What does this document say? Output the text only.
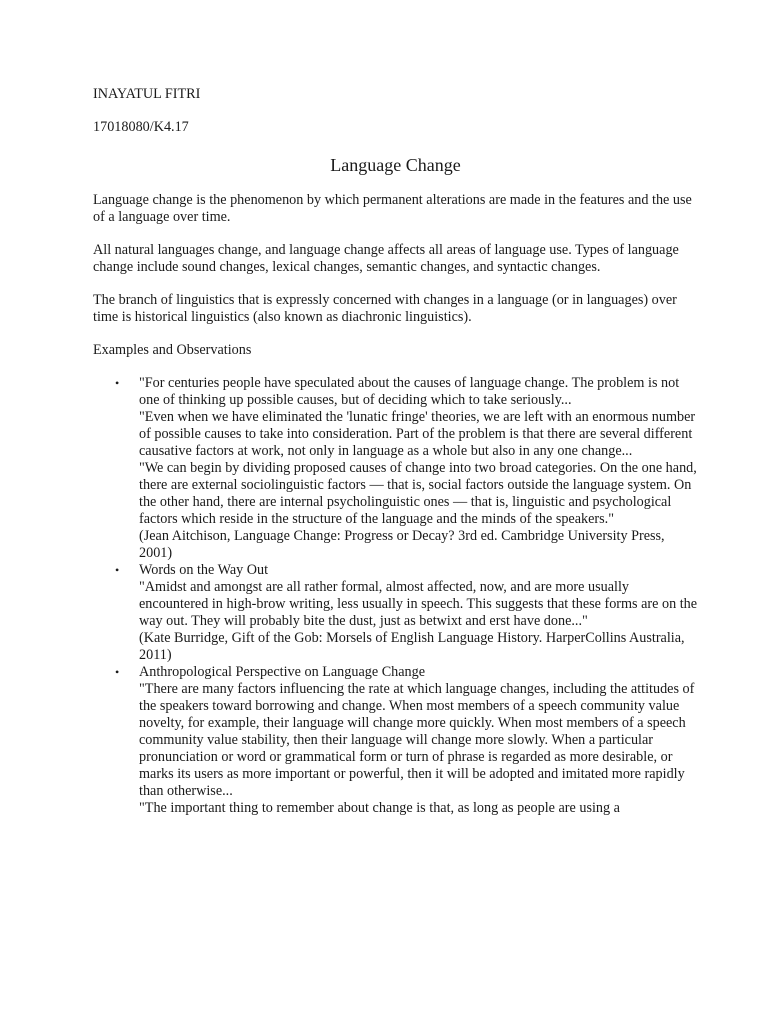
INAYATUL FITRI
17018080/K4.17
Language Change

Language change is the phenomenon by which permanent alterations are made in the features and the use of a language over time.

All natural languages change, and language change affects all areas of language use. Types of language change include sound changes, lexical changes, semantic changes, and syntactic changes.

The branch of linguistics that is expressly concerned with changes in a language (or in languages) over time is historical linguistics (also known as diachronic linguistics).

Examples and Observations

• "For centuries people have speculated about the causes of language change. The problem is not one of thinking up possible causes, but of deciding which to take seriously...
"Even when we have eliminated the 'lunatic fringe' theories, we are left with an enormous number of possible causes to take into consideration. Part of the problem is that there are several different causative factors at work, not only in language as a whole but also in any one change...
"We can begin by dividing proposed causes of change into two broad categories. On the one hand, there are external sociolinguistic factors — that is, social factors outside the language system. On the other hand, there are internal psycholinguistic ones — that is, linguistic and psychological factors which reside in the structure of the language and the minds of the speakers."
(Jean Aitchison, Language Change: Progress or Decay? 3rd ed. Cambridge University Press, 2001)
• Words on the Way Out
"Amidst and amongst are all rather formal, almost affected, now, and are more usually encountered in high-brow writing, less usually in speech. This suggests that these forms are on the way out. They will probably bite the dust, just as betwixt and erst have done..."
(Kate Burridge, Gift of the Gob: Morsels of English Language History. HarperCollins Australia, 2011)
• Anthropological Perspective on Language Change
"There are many factors influencing the rate at which language changes, including the attitudes of the speakers toward borrowing and change. When most members of a speech community value novelty, for example, their language will change more quickly. When most members of a speech community value stability, then their language will change more slowly. When a particular pronunciation or word or grammatical form or turn of phrase is regarded as more desirable, or marks its users as more important or powerful, then it will be adopted and imitated more rapidly than otherwise...
"The important thing to remember about change is that, as long as people are using a
